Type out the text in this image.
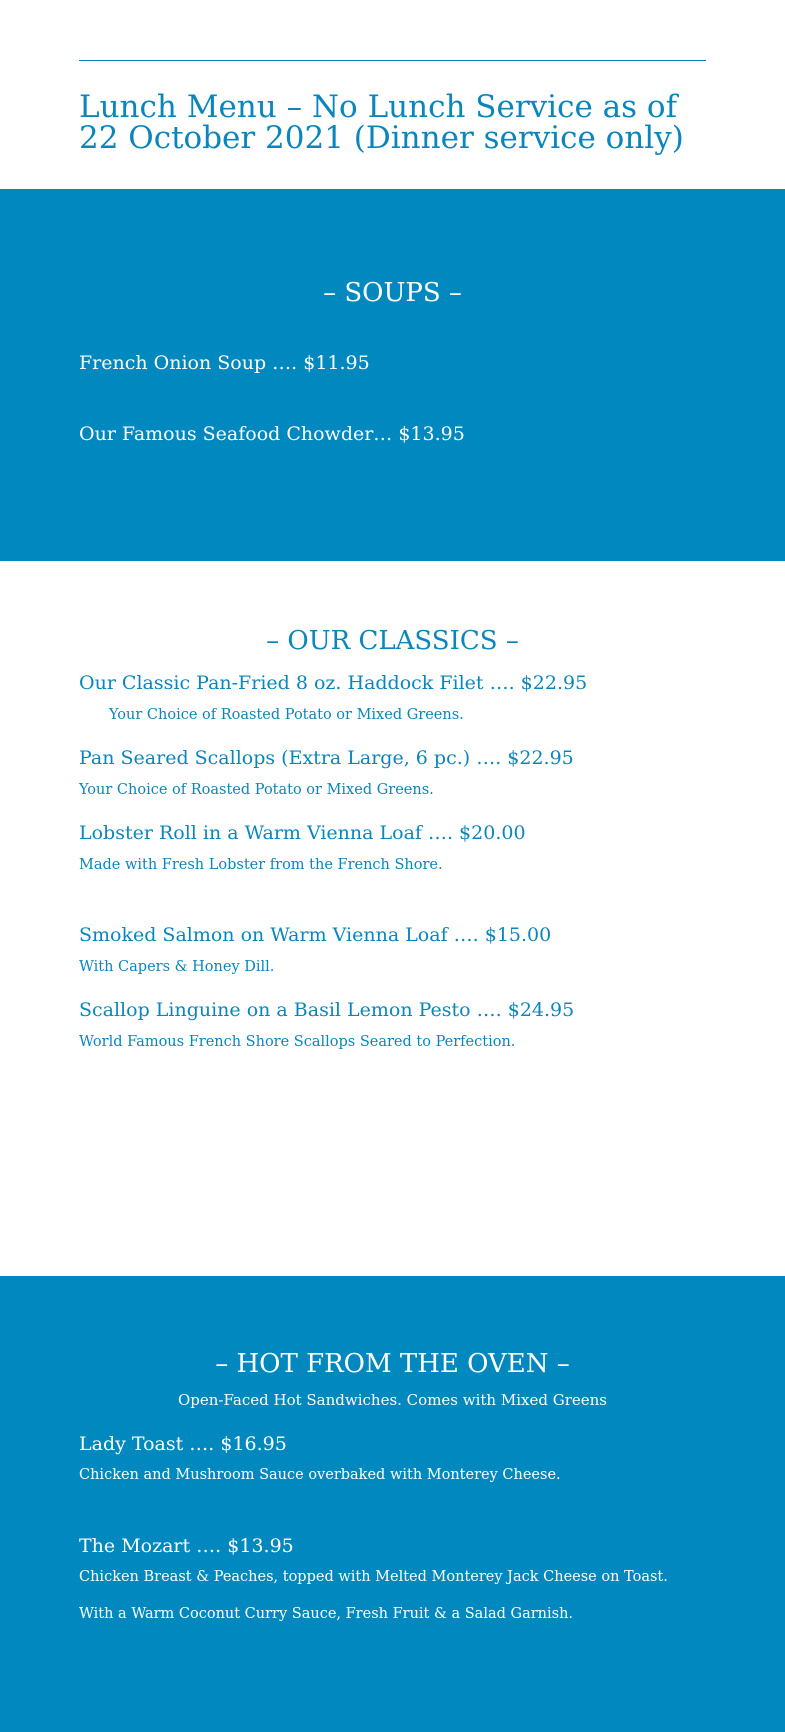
Lunch Menu – No Lunch Service as of 22 October 2021 (Dinner service only)
– SOUPS –

French Onion Soup …. $11.95

Our Famous Seafood Chowder… $13.95

– OUR CLASSICS –

Our Classic Pan-Fried 8 oz. Haddock Filet …. $22.95

Your Choice of Roasted Potato or Mixed Greens.

Pan Seared Scallops (Extra Large, 6 pc.) …. $22.95

Your Choice of Roasted Potato or Mixed Greens.

Lobster Roll in a Warm Vienna Loaf …. $20.00

Made with Fresh Lobster from the French Shore.

Smoked Salmon on Warm Vienna Loaf …. $15.00

With Capers & Honey Dill.

Scallop Linguine on a Basil Lemon Pesto …. $24.95

World Famous French Shore Scallops Seared to Perfection.

– HOT FROM THE OVEN –

Open-Faced Hot Sandwiches. Comes with Mixed Greens

Lady Toast …. $16.95

Chicken and Mushroom Sauce overbaked with Monterey Cheese.

The Mozart …. $13.95

Chicken Breast & Peaches, topped with Melted Monterey Jack Cheese on Toast.

With a Warm Coconut Curry Sauce, Fresh Fruit & a Salad Garnish.
